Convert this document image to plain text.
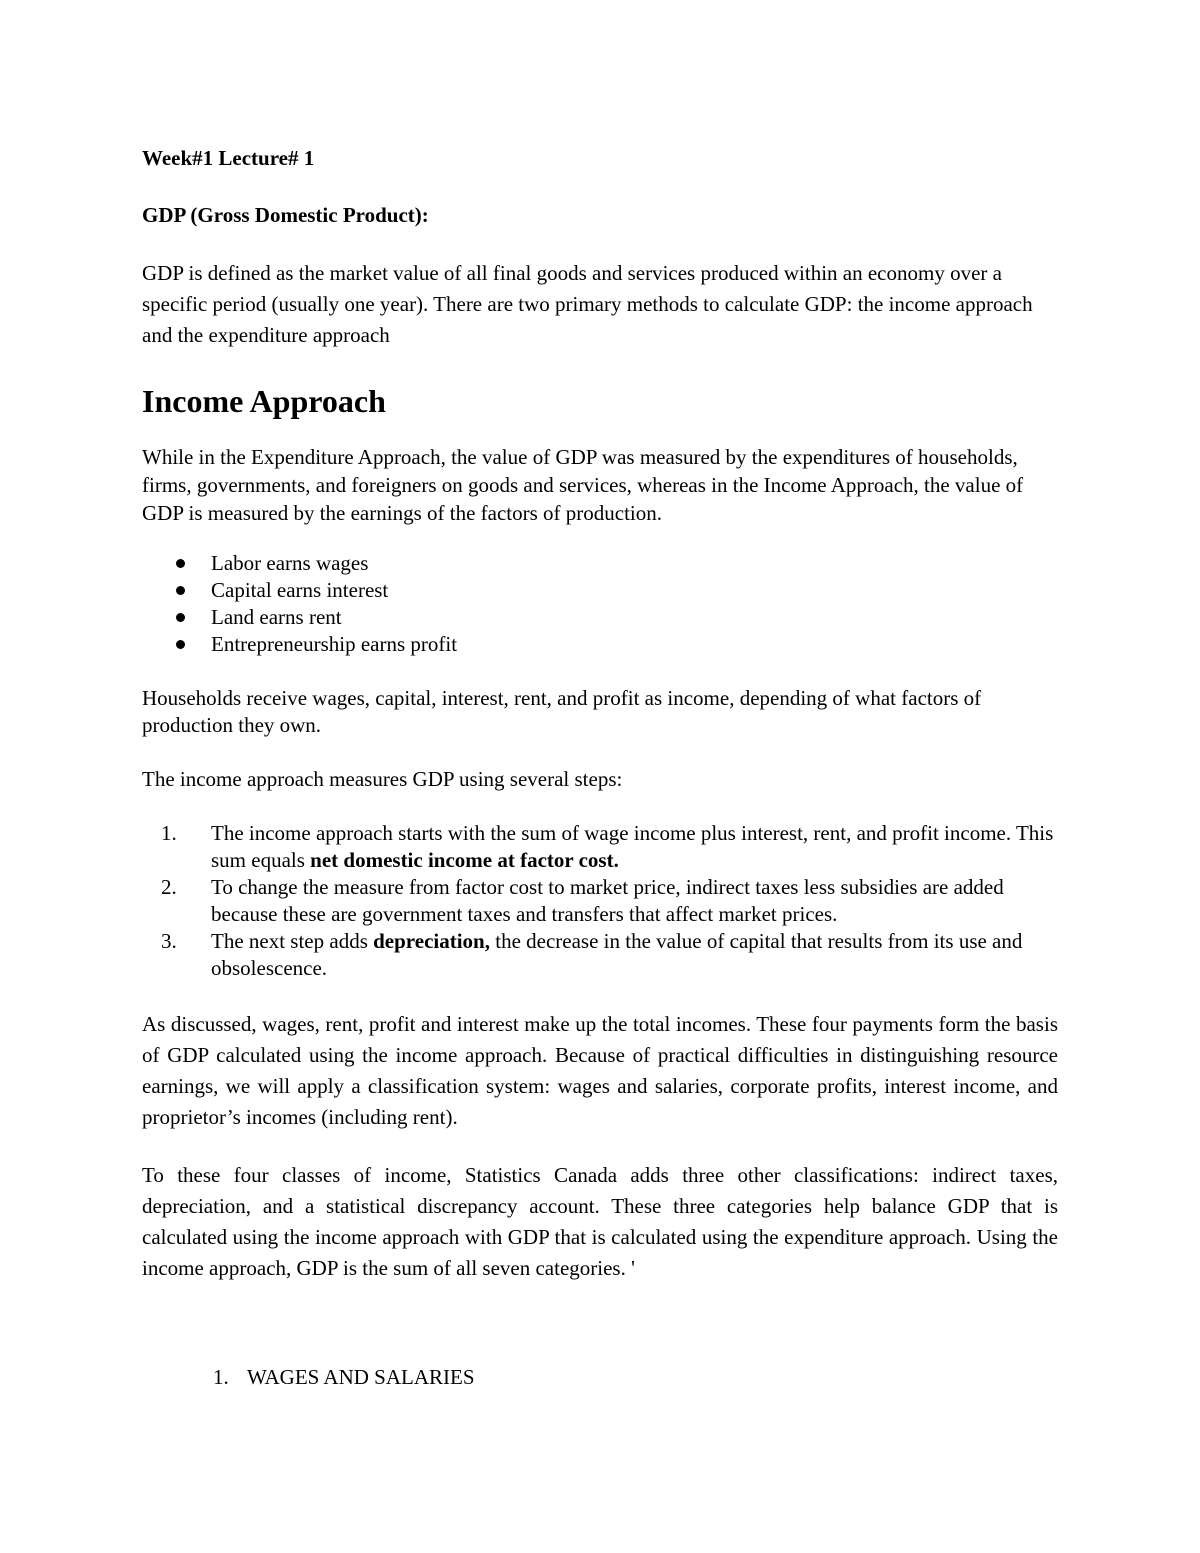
Week#1 Lecture# 1

GDP (Gross Domestic Product):

GDP is defined as the market value of all final goods and services produced within an economy over a specific period (usually one year). There are two primary methods to calculate GDP: the income approach and the expenditure approach

Income Approach

While in the Expenditure Approach, the value of GDP was measured by the expenditures of households, firms, governments, and foreigners on goods and services, whereas in the Income Approach, the value of GDP is measured by the earnings of the factors of production.

Labor earns wages
Capital earns interest
Land earns rent
Entrepreneurship earns profit

Households receive wages, capital, interest, rent, and profit as income, depending of what factors of production they own.

The income approach measures GDP using several steps:

1. The income approach starts with the sum of wage income plus interest, rent, and profit income. This sum equals net domestic income at factor cost.
2. To change the measure from factor cost to market price, indirect taxes less subsidies are added because these are government taxes and transfers that affect market prices.
3. The next step adds depreciation, the decrease in the value of capital that results from its use and obsolescence.

As discussed, wages, rent, profit and interest make up the total incomes. These four payments form the basis of GDP calculated using the income approach. Because of practical difficulties in distinguishing resource earnings, we will apply a classification system: wages and salaries, corporate profits, interest income, and proprietor’s incomes (including rent).

To these four classes of income, Statistics Canada adds three other classifications: indirect taxes, depreciation, and a statistical discrepancy account. These three categories help balance GDP that is calculated using the income approach with GDP that is calculated using the expenditure approach. Using the income approach, GDP is the sum of all seven categories. '

1. WAGES AND SALARIES
